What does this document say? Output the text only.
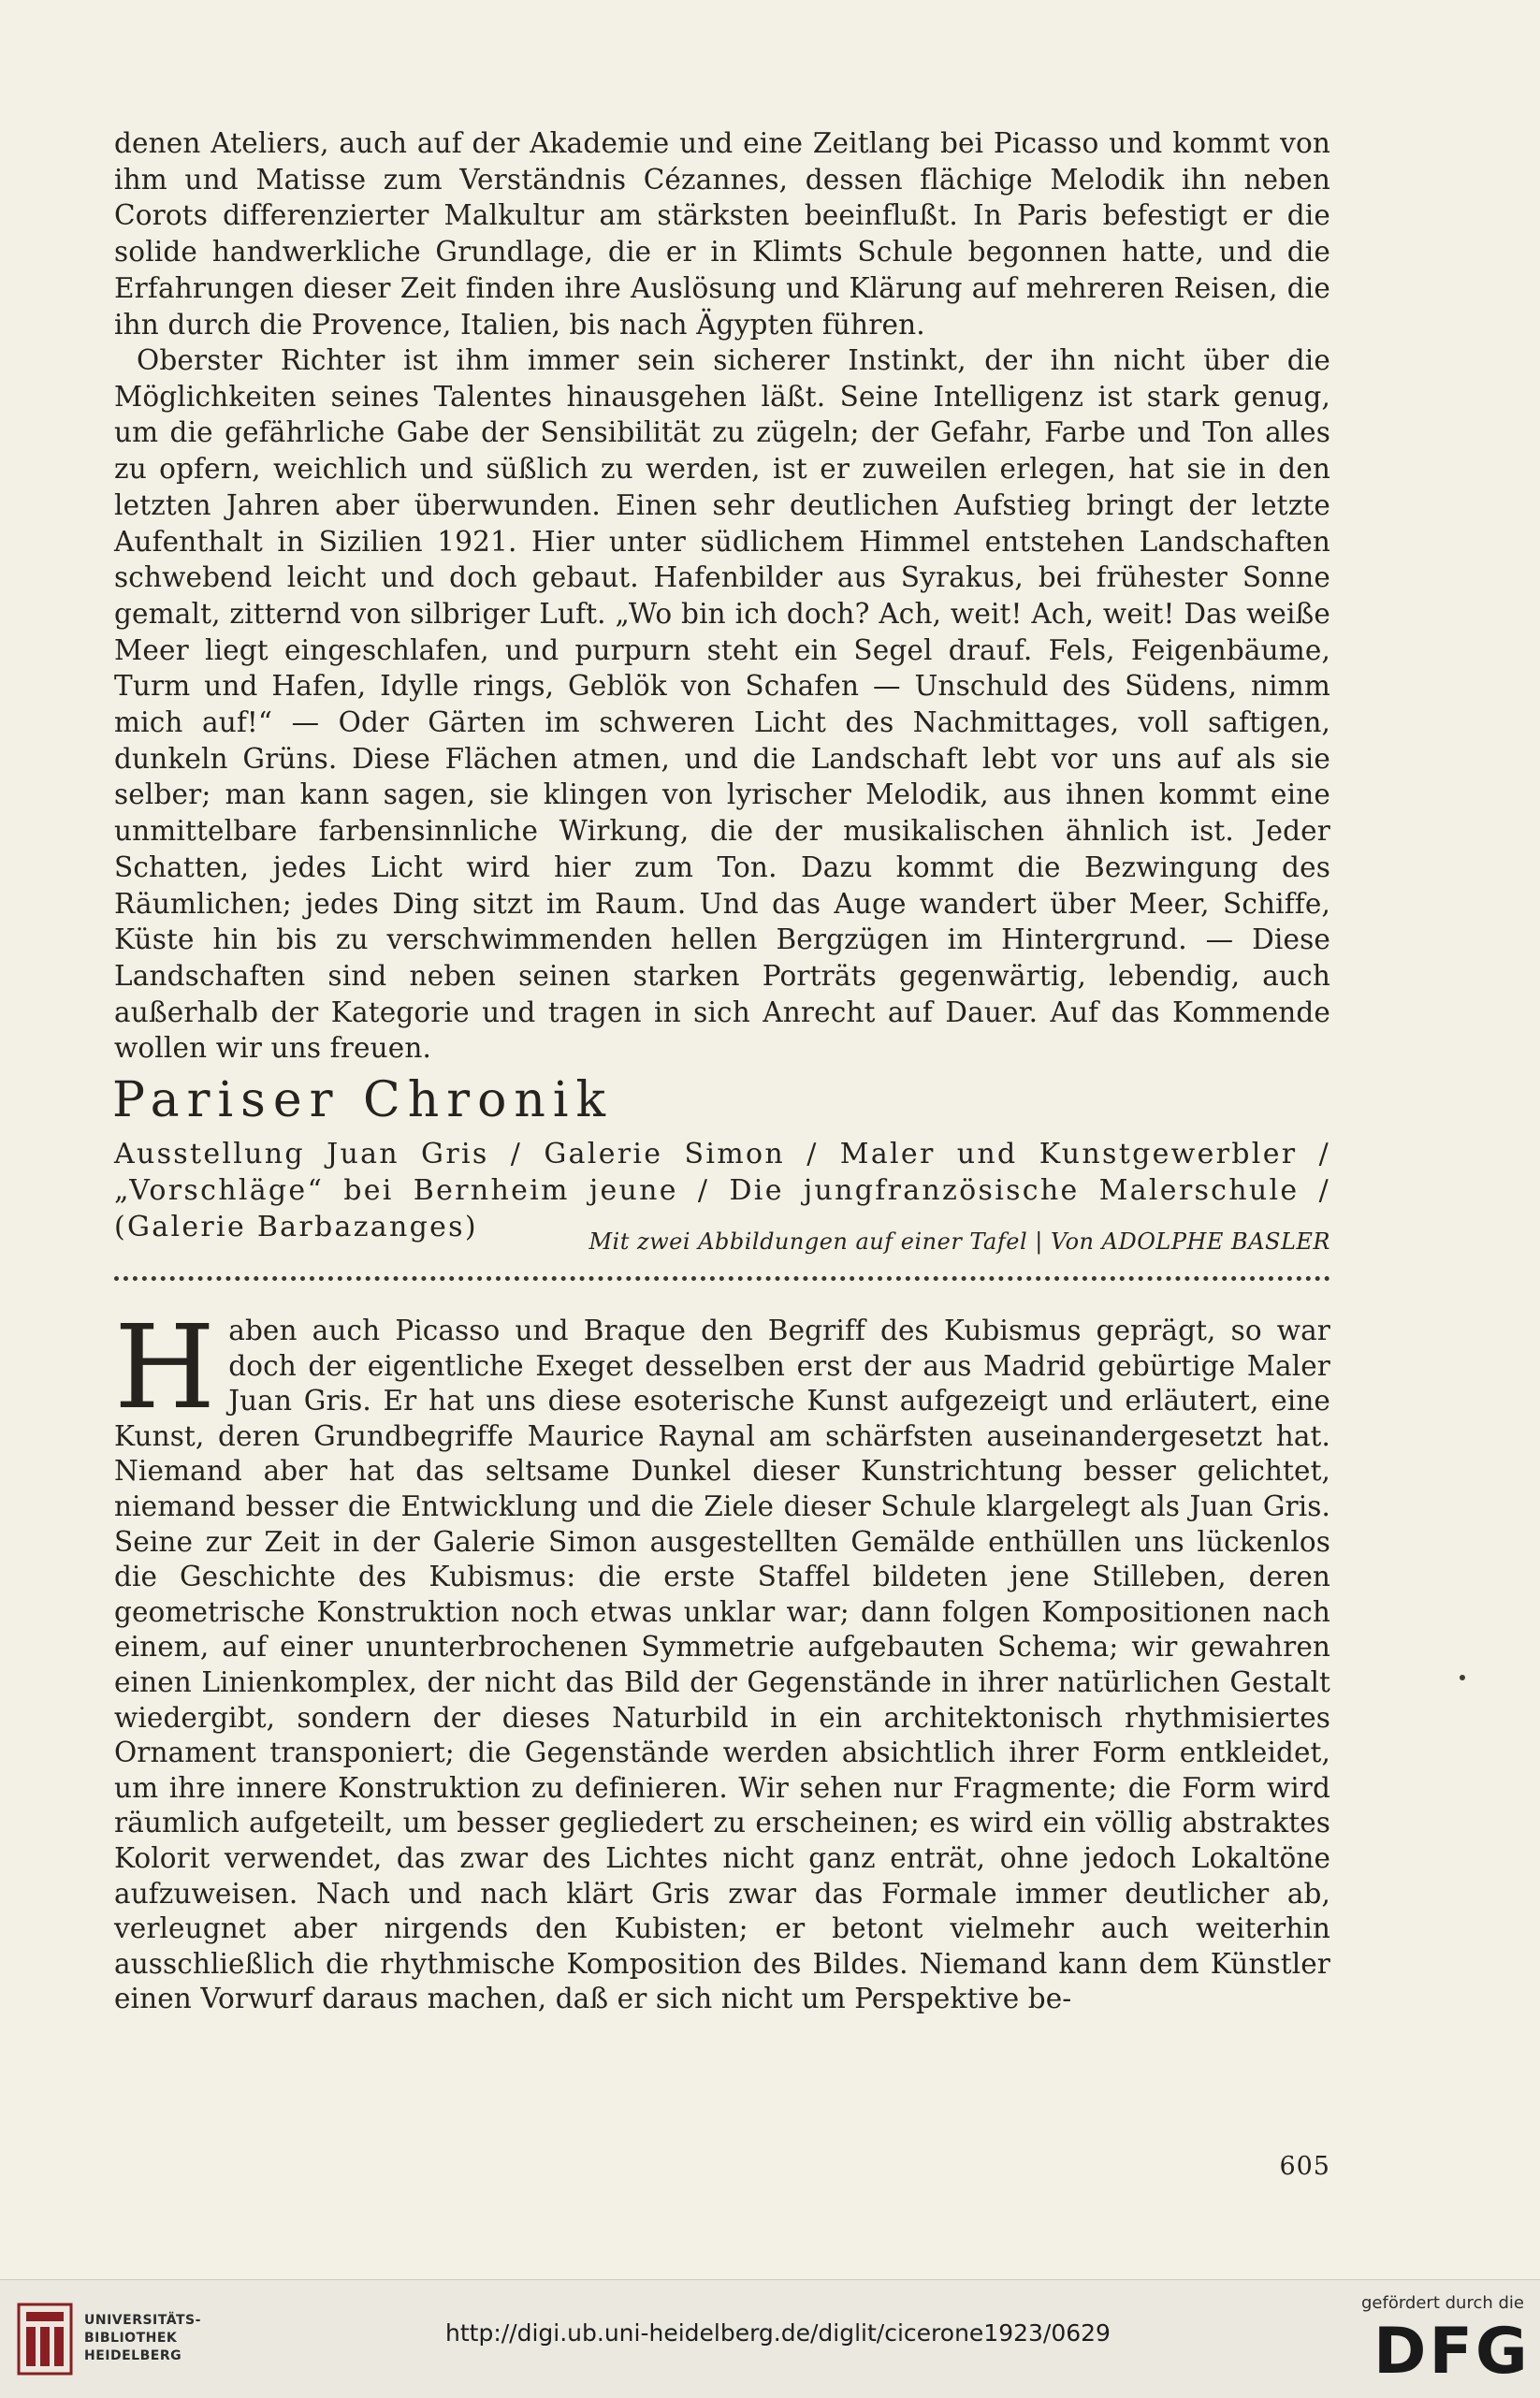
denen Ateliers, auch auf der Akademie und eine Zeitlang bei Picasso und kommt von ihm und Matisse zum Verständnis Cézannes, dessen flächige Melodik ihn neben Corots differenzierter Malkultur am stärksten beeinflußt. In Paris befestigt er die solide handwerkliche Grundlage, die er in Klimts Schule begonnen hatte, und die Erfahrungen dieser Zeit finden ihre Auslösung und Klärung auf mehreren Reisen, die ihn durch die Provence, Italien, bis nach Ägypten führen.

Oberster Richter ist ihm immer sein sicherer Instinkt, der ihn nicht über die Möglichkeiten seines Talentes hinausgehen läßt. Seine Intelligenz ist stark genug, um die gefährliche Gabe der Sensibilität zu zügeln; der Gefahr, Farbe und Ton alles zu opfern, weichlich und süßlich zu werden, ist er zuweilen erlegen, hat sie in den letzten Jahren aber überwunden. Einen sehr deutlichen Aufstieg bringt der letzte Aufenthalt in Sizilien 1921. Hier unter südlichem Himmel entstehen Landschaften schwebend leicht und doch gebaut. Hafenbilder aus Syrakus, bei frühester Sonne gemalt, zitternd von silbriger Luft. „Wo bin ich doch? Ach, weit! Ach, weit! Das weiße Meer liegt eingeschlafen, und purpurn steht ein Segel drauf. Fels, Feigenbäume, Turm und Hafen, Idylle rings, Geblök von Schafen — Unschuld des Südens, nimm mich auf!“ — Oder Gärten im schweren Licht des Nachmittages, voll saftigen, dunkeln Grüns. Diese Flächen atmen, und die Landschaft lebt vor uns auf als sie selber; man kann sagen, sie klingen von lyrischer Melodik, aus ihnen kommt eine unmittelbare farbensinnliche Wirkung, die der musikalischen ähnlich ist. Jeder Schatten, jedes Licht wird hier zum Ton. Dazu kommt die Bezwingung des Räumlichen; jedes Ding sitzt im Raum. Und das Auge wandert über Meer, Schiffe, Küste hin bis zu verschwimmenden hellen Bergzügen im Hintergrund. — Diese Landschaften sind neben seinen starken Porträts gegenwärtig, lebendig, auch außerhalb der Kategorie und tragen in sich Anrecht auf Dauer. Auf das Kommende wollen wir uns freuen.

Pariser Chronik

Ausstellung Juan Gris / Galerie Simon / Maler und Kunstgewerbler / „Vorschläge“ bei Bernheim jeune / Die jungfranzösische Malerschule / (Galerie Barbazanges)	Mit zwei Abbildungen auf einer Tafel | Von ADOLPHE BASLER

Haben auch Picasso und Braque den Begriff des Kubismus geprägt, so war doch der eigentliche Exeget desselben erst der aus Madrid gebürtige Maler Juan Gris. Er hat uns diese esoterische Kunst aufgezeigt und erläutert, eine Kunst, deren Grundbegriffe Maurice Raynal am schärfsten auseinandergesetzt hat. Niemand aber hat das seltsame Dunkel dieser Kunstrichtung besser gelichtet, niemand besser die Entwicklung und die Ziele dieser Schule klargelegt als Juan Gris. Seine zur Zeit in der Galerie Simon ausgestellten Gemälde enthüllen uns lückenlos die Geschichte des Kubismus: die erste Staffel bildeten jene Stilleben, deren geometrische Konstruktion noch etwas unklar war; dann folgen Kompositionen nach einem, auf einer ununterbrochenen Symmetrie aufgebauten Schema; wir gewahren einen Linienkomplex, der nicht das Bild der Gegenstände in ihrer natürlichen Gestalt wiedergibt, sondern der dieses Naturbild in ein architektonisch rhythmisiertes Ornament transponiert; die Gegenstände werden absichtlich ihrer Form entkleidet, um ihre innere Konstruktion zu definieren. Wir sehen nur Fragmente; die Form wird räumlich aufgeteilt, um besser gegliedert zu erscheinen; es wird ein völlig abstraktes Kolorit verwendet, das zwar des Lichtes nicht ganz enträt, ohne jedoch Lokaltöne aufzuweisen. Nach und nach klärt Gris zwar das Formale immer deutlicher ab, verleugnet aber nirgends den Kubisten; er betont vielmehr auch weiterhin ausschließlich die rhythmische Komposition des Bildes. Niemand kann dem Künstler einen Vorwurf daraus machen, daß er sich nicht um Perspektive be-

605
UNIVERSITÄTS-
BIBLIOTHEK
HEIDELBERG
http://digi.ub.uni-heidelberg.de/diglit/cicerone1923/0629
gefördert durch die
DFG
